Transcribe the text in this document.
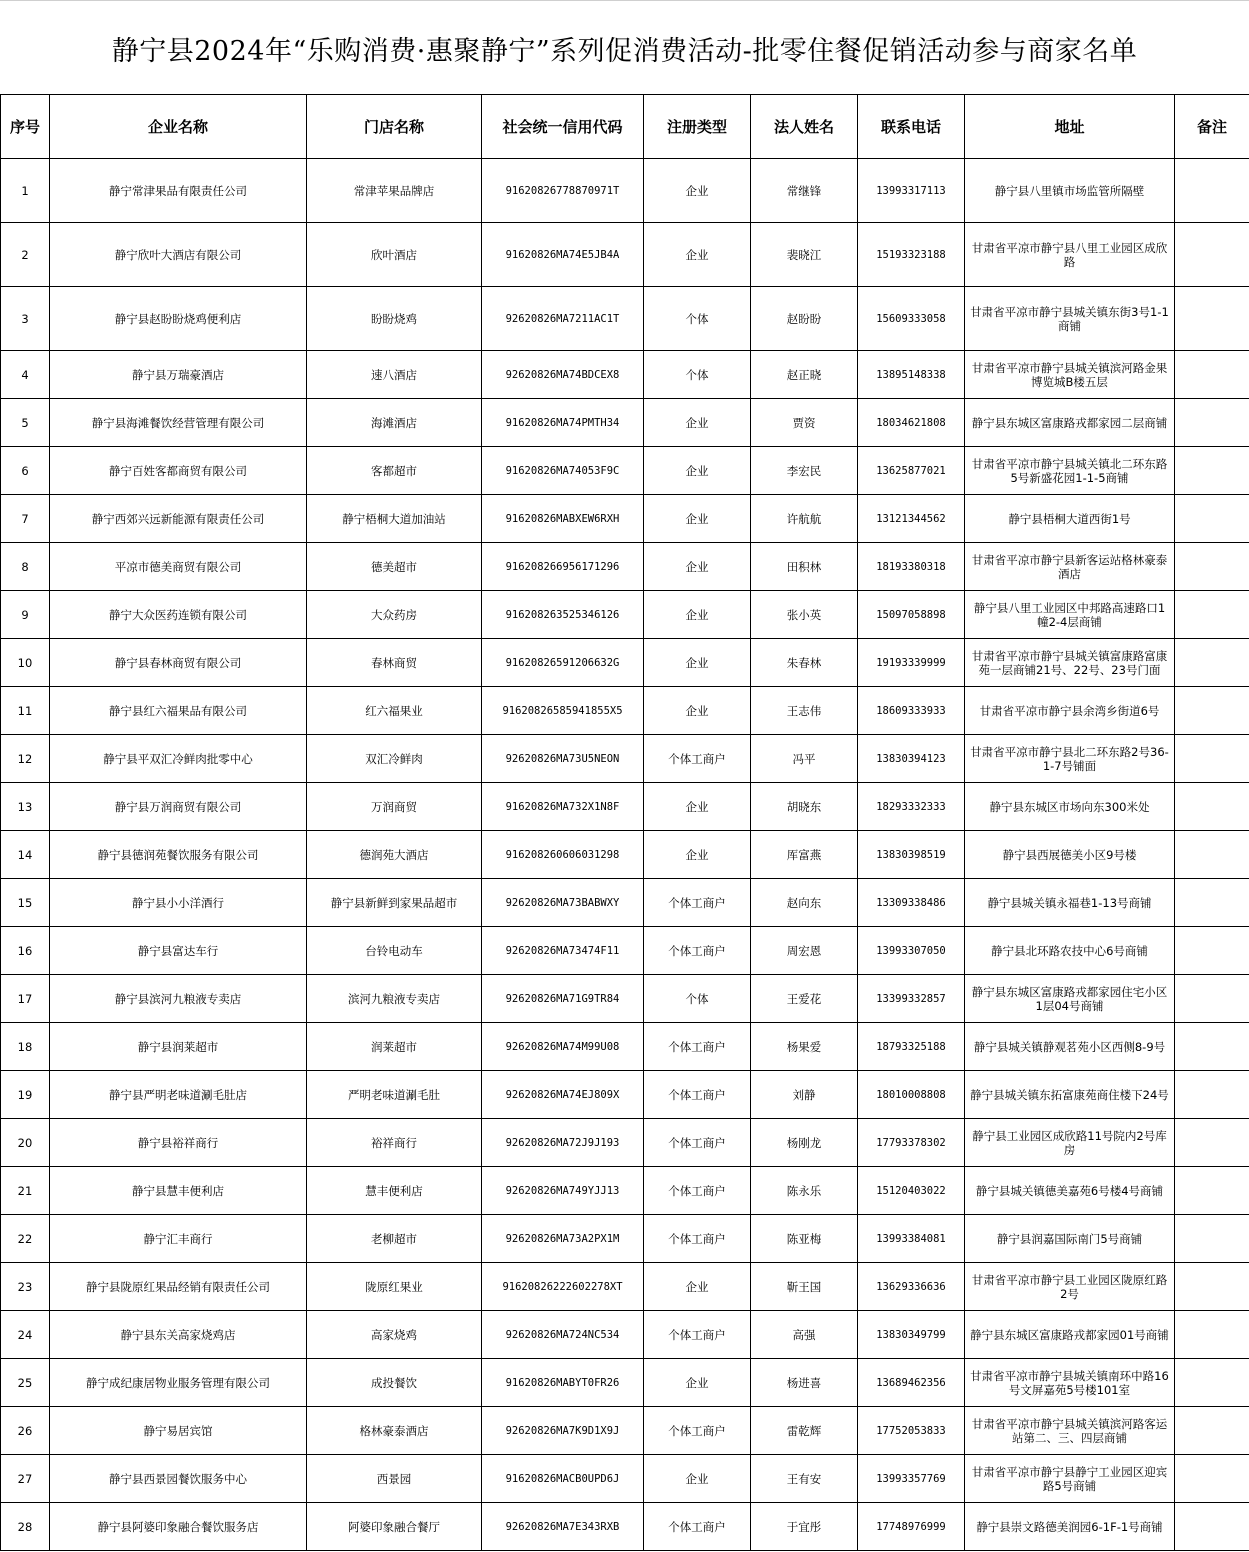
静宁县2024年“乐购消费·惠聚静宁”系列促消费活动-批零住餐促销活动参与商家名单
序号	企业名称	门店名称	社会统一信用代码	注册类型	法人姓名	联系电话	地址	备注
1	静宁常津果品有限责任公司	常津苹果品牌店	91620826778870971T	企业	常继锋	13993317113	静宁县八里镇市场监管所隔壁	
2	静宁欣叶大酒店有限公司	欣叶酒店	91620826MA74E5JB4A	企业	裴晓江	15193323188	甘肃省平凉市静宁县八里工业园区成欣路	
3	静宁县赵盼盼烧鸡便利店	盼盼烧鸡	92620826MA7211AC1T	个体	赵盼盼	15609333058	甘肃省平凉市静宁县城关镇东街3号1-1商铺	
4	静宁县万瑞豪酒店	速八酒店	92620826MA74BDCEX8	个体	赵正晓	13895148338	甘肃省平凉市静宁县城关镇滨河路金果博览城B楼五层	
5	静宁县海滩餐饮经营管理有限公司	海滩酒店	91620826MA74PMTH34	企业	贾资	18034621808	静宁县东城区富康路戎都家园二层商铺	
6	静宁百姓客都商贸有限公司	客都超市	91620826MA74053F9C	企业	李宏民	13625877021	甘肃省平凉市静宁县城关镇北二环东路5号新盛花园1-1-5商铺	
7	静宁西郊兴远新能源有限责任公司	静宁梧桐大道加油站	91620826MABXEW6RXH	企业	许航航	13121344562	静宁县梧桐大道西街1号	
8	平凉市德美商贸有限公司	德美超市	916208266956171296	企业	田积林	18193380318	甘肃省平凉市静宁县新客运站格林豪泰酒店	
9	静宁大众医药连锁有限公司	大众药房	916208263525346126	企业	张小英	15097058898	静宁县八里工业园区中邦路高速路口1幢2-4层商铺	
10	静宁县春林商贸有限公司	春林商贸	91620826591206632G	企业	朱春林	19193339999	甘肃省平凉市静宁县城关镇富康路富康苑一层商铺21号、22号、23号门面	
11	静宁县红六福果品有限公司	红六福果业	91620826585941855X5	企业	王志伟	18609333933	甘肃省平凉市静宁县余湾乡街道6号	
12	静宁县平双汇冷鲜肉批零中心	双汇冷鲜肉	92620826MA73U5NEON	个体工商户	冯平	13830394123	甘肃省平凉市静宁县北二环东路2号36-1-7号铺面	
13	静宁县万润商贸有限公司	万润商贸	91620826MA732X1N8F	企业	胡晓东	18293332333	静宁县东城区市场向东300米处	
14	静宁县德润苑餐饮服务有限公司	德润苑大酒店	916208260606031298	企业	厍富燕	13830398519	静宁县西展德美小区9号楼	
15	静宁县小小洋酒行	静宁县新鲜到家果品超市	92620826MA73BABWXY	个体工商户	赵向东	13309338486	静宁县城关镇永福巷1-13号商铺	
16	静宁县富达车行	台铃电动车	92620826MA73474F11	个体工商户	周宏恩	13993307050	静宁县北环路农技中心6号商铺	
17	静宁县滨河九粮液专卖店	滨河九粮液专卖店	92620826MA71G9TR84	个体	王爱花	13399332857	静宁县东城区富康路戎都家园住宅小区1层04号商铺	
18	静宁县润莱超市	润莱超市	92620826MA74M99U08	个体工商户	杨果爱	18793325188	静宁县城关镇静观茗苑小区西侧8-9号	
19	静宁县严明老味道涮毛肚店	严明老味道涮毛肚	92620826MA74EJ809X	个体工商户	刘静	18010008808	静宁县城关镇东拓富康苑商住楼下24号	
20	静宁县裕祥商行	裕祥商行	92620826MA72J9J193	个体工商户	杨刚龙	17793378302	静宁县工业园区成欣路11号院内2号库房	
21	静宁县慧丰便利店	慧丰便利店	92620826MA749YJJ13	个体工商户	陈永乐	15120403022	静宁县城关镇德美嘉苑6号楼4号商铺	
22	静宁汇丰商行	老柳超市	92620826MA73A2PX1M	个体工商户	陈亚梅	13993384081	静宁县润嘉国际南门5号商铺	
23	静宁县陇原红果品经销有限责任公司	陇原红果业	91620826222602278XT	企业	靳王国	13629336636	甘肃省平凉市静宁县工业园区陇原红路2号	
24	静宁县东关高家烧鸡店	高家烧鸡	92620826MA724NC534	个体工商户	高强	13830349799	静宁县东城区富康路戎都家园01号商铺	
25	静宁成纪康居物业服务管理有限公司	成投餐饮	91620826MABYT0FR26	企业	杨进喜	13689462356	甘肃省平凉市静宁县城关镇南环中路16号文屏嘉苑5号楼101室	
26	静宁易居宾馆	格林豪泰酒店	92620826MA7K9D1X9J	个体工商户	雷乾辉	17752053833	甘肃省平凉市静宁县城关镇滨河路客运站第二、三、四层商铺	
27	静宁县西景园餐饮服务中心	西景园	91620826MACB0UPD6J	企业	王有安	13993357769	甘肃省平凉市静宁县静宁工业园区迎宾路5号商铺	
28	静宁县阿婆印象融合餐饮服务店	阿婆印象融合餐厅	92620826MA7E343RXB	个体工商户	于宜彤	17748976999	静宁县崇文路德美润园6-1F-1号商铺	
